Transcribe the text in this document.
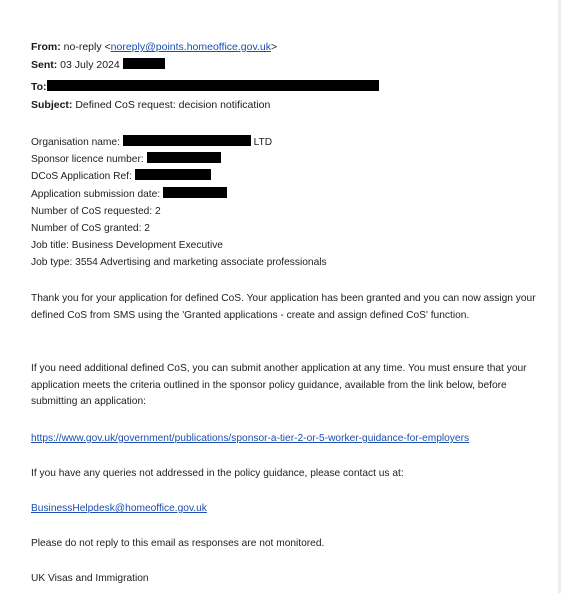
From: no-reply <noreply@points.homeoffice.gov.uk>
Sent: 03 July 2024
To:
Subject: Defined CoS request: decision notification
Organisation name:	LTD
Sponsor licence number:
DCoS Application Ref:
Application submission date:
Number of CoS requested: 2
Number of CoS granted: 2
Job title: Business Development Executive
Job type: 3554 Advertising and marketing associate professionals

Thank you for your application for defined CoS. Your application has been granted and you can now assign your defined CoS from SMS using the 'Granted applications - create and assign defined CoS' function.

If you need additional defined CoS, you can submit another application at any time. You must ensure that your application meets the criteria outlined in the sponsor policy guidance, available from the link below, before submitting an application:

https://www.gov.uk/government/publications/sponsor-a-tier-2-or-5-worker-guidance-for-employers

If you have any queries not addressed in the policy guidance, please contact us at:

BusinessHelpdesk@homeoffice.gov.uk

Please do not reply to this email as responses are not monitored.

UK Visas and Immigration
